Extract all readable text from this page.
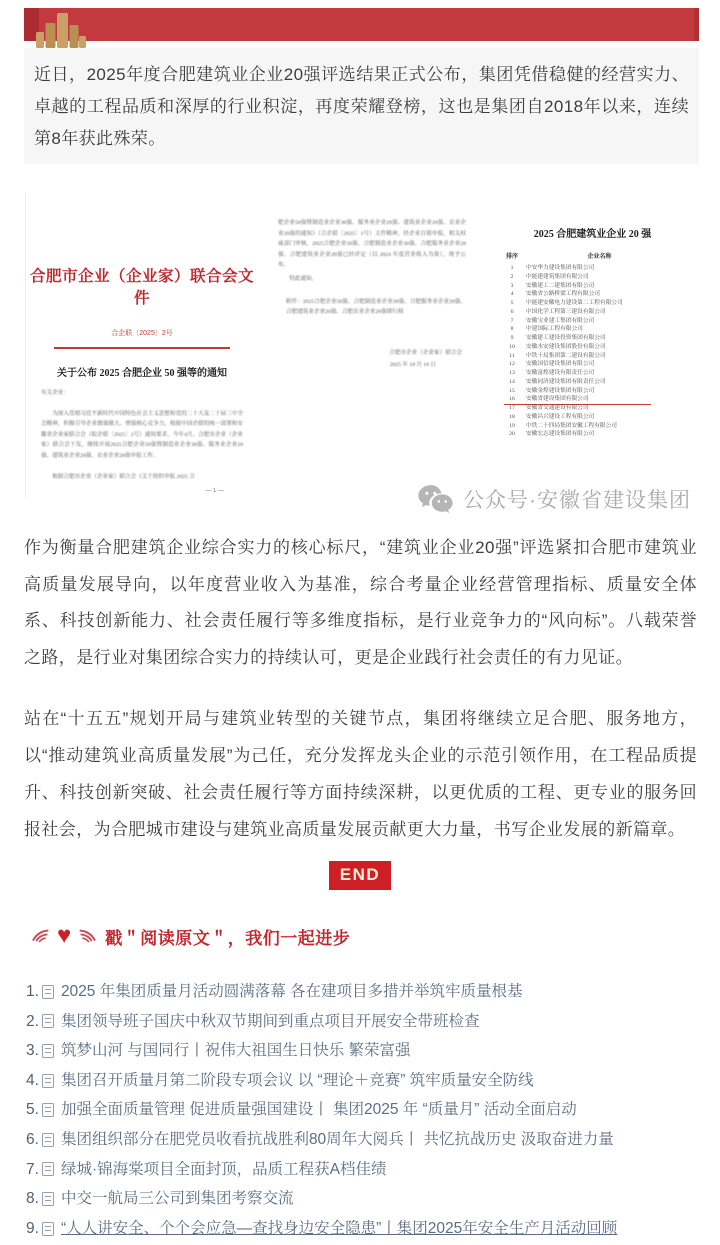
近日，2025年度合肥建筑业企业20强评选结果正式公布，集团凭借稳健的经营实力、卓越的工程品质和深厚的行业积淀，再度荣耀登榜，这也是集团自2018年以来，连续第8年获此殊荣。
合肥市企业（企业家）联合会文件
合企联〔2025〕2号
关于公布 2025 合肥企业 50 强等的通知
有关企业：
为深入贯彻习近平新时代中国特色社会主义思想和党的二十大及二十届三中全会精神，积极引导企业做强做大、增强核心竞争力，根据中国企联的统一部署和安徽省企业家联合会（皖企联〔2025〕2号）通知要求，今年4月，合肥市企业（企业家）联合会下发，继续开展2025合肥企业50强暨制造业企业30强、服务业企业20强、建筑业企业20强、农业企业20强申报工作。
根据合肥市企业（企业家）联合会《关于组织申报 2025 合
— 1 —
肥企业50强暨制造业企业30强、服务业企业20强、建筑业企业20强、农业企业20强的通知》（合企联〔2025〕1号）文件精神，经企业自愿申报，相关权威部门审核，2025合肥企业50强、合肥制造业企业30强、合肥服务业企业20强、合肥建筑业企业20强已经评定（以 2024 年度营业收入为准），现予公布。
特此通知。
附件：2025合肥企业50强、合肥制造业企业30强、合肥服务业企业20强、合肥建筑业企业20强、合肥农业企业20强排行榜
合肥市企业（企业家）联合会
2025 年 10 月 16 日
2025 合肥建筑业企业 20 强
排序	企业名称
1	中安华力建设集团有限公司
2	中能建建筑集团有限公司
3	安徽建工二建集团有限公司
4	安徽省公路桥梁工程有限公司
5	中能建安徽电力建设第二工程有限公司
6	中国化学工程第三建设有限公司
7	安徽宝业建工集团有限公司
8	中建国际工程有限公司
9	安徽建工建设投资集团有限公司
10	安徽水安建设集团股份有限公司
11	中铁十局集团第二建设有限公司
12	安徽国信建设集团有限公司
13	安徽富煌建设有限责任公司
14	安徽同济建设集团有限责任公司
15	安徽金煌建设集团有限公司
16	安徽省建设集团有限公司
17	安徽省交通建设有限公司
18	安徽昌兴建设工程有限公司
19	中铁二十四局集团安徽工程有限公司
20	安徽宏志建设集团有限公司
公众号·安徽省建设集团
作为衡量合肥建筑企业综合实力的核心标尺，“建筑业企业20强”评选紧扣合肥市建筑业高质量发展导向，以年度营业收入为基准，综合考量企业经营管理指标、质量安全体系、科技创新能力、社会责任履行等多维度指标，是行业竞争力的“风向标”。八载荣誉之路，是行业对集团综合实力的持续认可，更是企业践行社会责任的有力见证。
站在“十五五”规划开局与建筑业转型的关键节点，集团将继续立足合肥、服务地方，以“推动建筑业高质量发展”为己任，充分发挥龙头企业的示范引领作用，在工程品质提升、科技创新突破、社会责任履行等方面持续深耕，以更优质的工程、更专业的服务回报社会，为合肥城市建设与建筑业高质量发展贡献更大力量，书写企业发展的新篇章。
END
♥ 戳＂阅读原文＂，我们一起进步
1. 2025 年集团质量月活动圆满落幕 各在建项目多措并举筑牢质量根基
2. 集团领导班子国庆中秋双节期间到重点项目开展安全带班检查
3. 筑梦山河 与国同行丨祝伟大祖国生日快乐 繁荣富强
4. 集团召开质量月第二阶段专项会议 以 “理论＋竞赛” 筑牢质量安全防线
5. 加强全面质量管理 促进质量强国建设丨 集团2025 年 “质量月” 活动全面启动
6. 集团组织部分在肥党员收看抗战胜利80周年大阅兵丨 共忆抗战历史 汲取奋进力量
7. 绿城·锦海棠项目全面封顶，品质工程获A档佳绩
8. 中交一航局三公司到集团考察交流
9. “人人讲安全、个个会应急—查找身边安全隐患”丨集团2025年安全生产月活动回顾
